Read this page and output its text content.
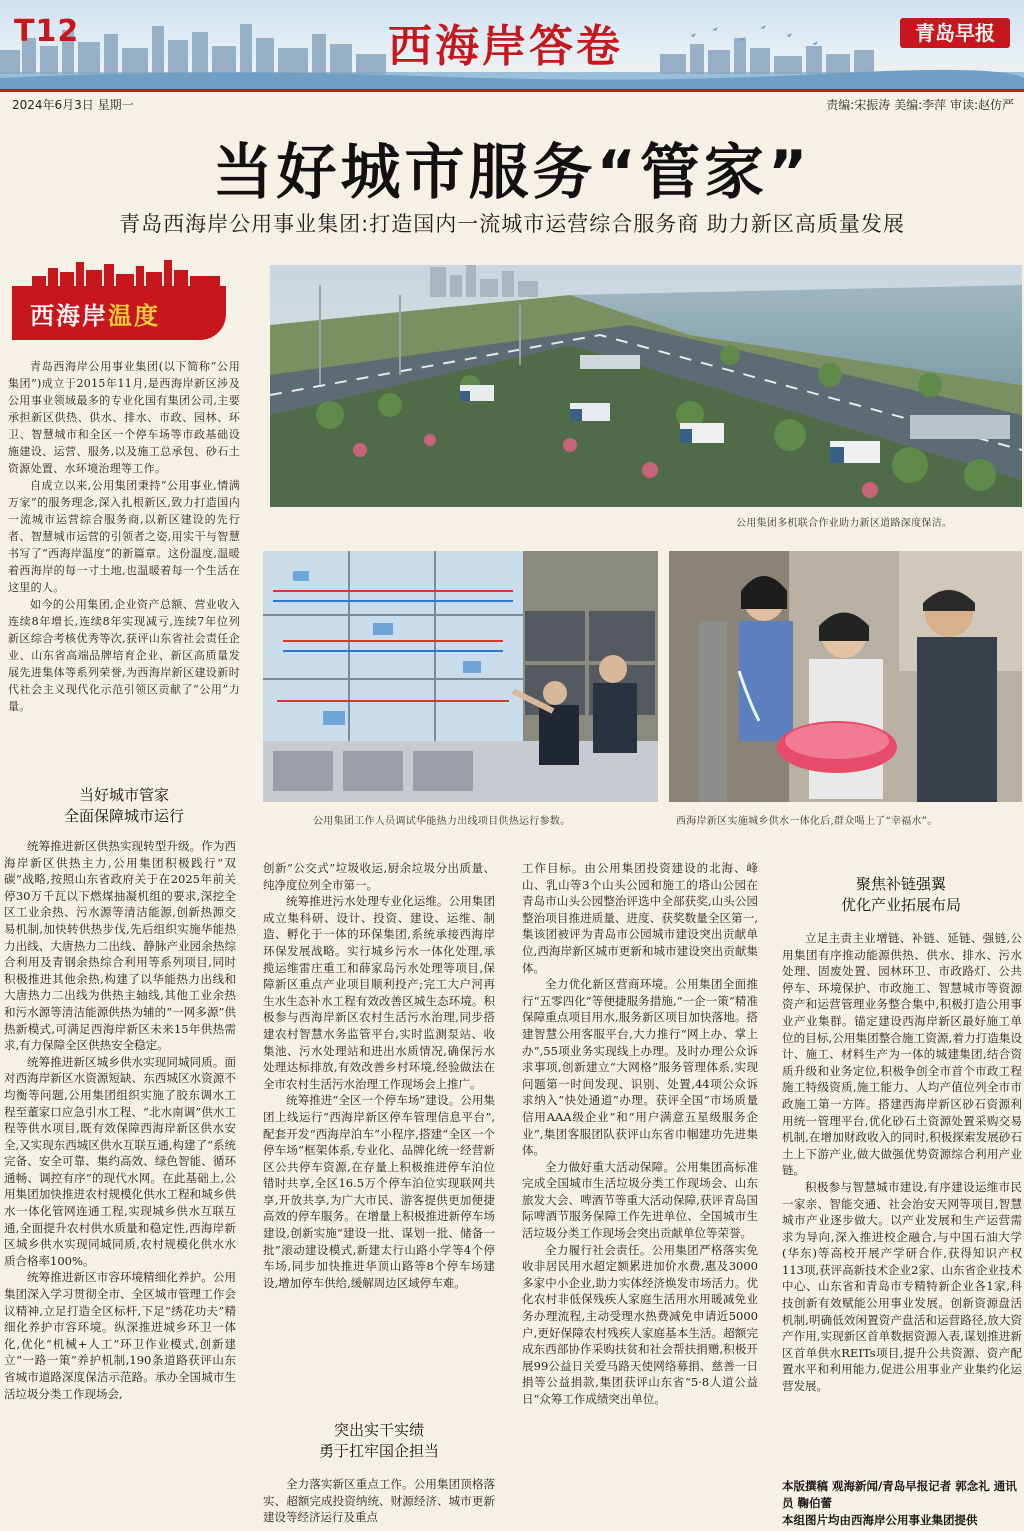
T12	西海岸答卷	青岛早报
2024年6月3日 星期一	责编:宋振涛 美编:李萍 审读:赵仿严
当好城市服务“管家”
青岛西海岸公用事业集团:打造国内一流城市运营综合服务商 助力新区高质量发展
西海岸温度

青岛西海岸公用事业集团(以下简称“公用集团”)成立于2015年11月,是西海岸新区涉及公用事业领域最多的专业化国有集团公司,主要承担新区供热、供水、排水、市政、园林、环卫、智慧城市和全区一个停车场等市政基础设施建设、运营、服务,以及施工总承包、砂石土资源处置、水环境治理等工作。

自成立以来,公用集团秉持“公用事业,情满万家”的服务理念,深入扎根新区,致力打造国内一流城市运营综合服务商,以新区建设的先行者、智慧城市运营的引领者之姿,用实干与智慧书写了“西海岸温度”的新篇章。这份温度,温暖着西海岸的每一寸土地,也温暖着每一个生活在这里的人。

如今的公用集团,企业资产总额、营业收入连续8年增长,连续8年实现减亏,连续7年位列新区综合考核优秀等次,获评山东省社会责任企业、山东省高端品牌培育企业、新区高质量发展先进集体等系列荣誉,为西海岸新区建设新时代社会主义现代化示范引领区贡献了“公用”力量。

公用集团多机联合作业助力新区道路深度保洁。
公用集团工作人员调试华能热力出线项目供热运行参数。	西海岸新区实施城乡供水一体化后,群众喝上了“幸福水”。
当好城市管家
全面保障城市运行

统筹推进新区供热实现转型升级。作为西海岸新区供热主力,公用集团积极践行“双碳”战略,按照山东省政府关于在2025年前关停30万千瓦以下燃煤抽凝机组的要求,深挖全区工业余热、污水源等清洁能源,创新热源交易机制,加快转供热步伐,先后组织实施华能热力出线、大唐热力二出线、静脉产业园余热综合利用及青钢余热综合利用等系列项目,同时积极推进其他余热,构建了以华能热力出线和大唐热力二出线为供热主轴线,其他工业余热和污水源等清洁能源供热为辅的“一网多源”供热新模式,可满足西海岸新区未来15年供热需求,有力保障全区供热安全稳定。

统筹推进新区城乡供水实现同城同质。面对西海岸新区水资源短缺、东西城区水资源不均衡等问题,公用集团组织实施了胶东调水工程至董家口应急引水工程、“北水南调”供水工程等供水项目,既有效保障西海岸新区供水安全,又实现东西城区供水互联互通,构建了“系统完备、安全可靠、集约高效、绿色智能、循环通畅、调控有序”的现代水网。在此基础上,公用集团加快推进农村规模化供水工程和城乡供水一体化管网连通工程,实现城乡供水互联互通,全面提升农村供水质量和稳定性,西海岸新区城乡供水实现同城同质,农村规模化供水水质合格率100%。

统筹推进新区市容环境精细化养护。公用集团深入学习贯彻全市、全区城市管理工作会议精神,立足打造全区标杆,下足“绣花功夫”精细化养护市容环境。纵深推进城乡环卫一体化,优化“机械+人工”环卫作业模式,创新建立“一路一策”养护机制,190条道路获评山东省城市道路深度保洁示范路。承办全国城市生活垃圾分类工作现场会,

创新“公交式”垃圾收运,厨余垃圾分出质量、纯净度位列全市第一。

统筹推进污水处理专业化运维。公用集团成立集科研、设计、投资、建设、运维、制造、孵化于一体的环保集团,系统承接西海岸环保发展战略。实行城乡污水一体化处理,承揽运维雷庄重工和薛家岛污水处理等项目,保障新区重点产业项目顺利投产;完工大户河再生水生态补水工程有效改善区城生态环境。积极参与西海岸新区农村生活污水治理,同步搭建农村智慧水务监管平台,实时监测泵站、收集池、污水处理站和进出水质情况,确保污水处理达标排放,有效改善乡村环境,经验做法在全市农村生活污水治理工作现场会上推广。

统筹推进“全区一个停车场”建设。公用集团上线运行“西海岸新区停车管理信息平台”,配套开发“西海岸泊车”小程序,搭建“全区一个停车场”框架体系,专业化、品牌化统一经营新区公共停车资源,在存量上积极推进停车泊位错时共享,全区16.5万个停车泊位实现联网共享,开放共享,为广大市民、游客提供更加便捷高效的停车服务。在增量上积极推进新停车场建设,创新实施“建设一批、谋划一批、储备一批”滚动建设模式,新建太行山路小学等4个停车场,同步加快推进华顶山路等8个停车场建设,增加停车供给,缓解周边区域停车难。

突出实干实绩
勇于扛牢国企担当

全力落实新区重点工作。公用集团顶格落实、超额完成投资纳统、财源经济、城市更新建设等经济运行及重点

工作目标。由公用集团投资建设的北海、峰山、乳山等3个山头公园和施工的塔山公园在青岛市山头公园整治评选中全部获奖,山头公园整治项目推进质量、进度、获奖数量全区第一,集该团被评为青岛市公园城市建设突出贡献单位,西海岸新区城市更新和城市建设突出贡献集体。

全力优化新区营商环境。公用集团全面推行“五零四化”等便捷服务措施,“一企一策”精准保障重点项目用水,服务新区项目加快落地。搭建智慧公用客服平台,大力推行“网上办、掌上办”,55项业务实现线上办理。及时办理公众诉求事项,创新建立“大网格”服务管理体系,实现问题第一时间发现、识别、处置,44项公众诉求纳入“快处通道”办理。获评全国“市场质量信用AAA级企业”和“用户满意五星级服务企业”,集团客服团队获评山东省巾帼建功先进集体。

全力做好重大活动保障。公用集团高标准完成全国城市生活垃圾分类工作现场会、山东旅发大会、啤酒节等重大活动保障,获评青岛国际啤酒节服务保障工作先进单位、全国城市生活垃圾分类工作现场会突出贡献单位等荣誉。

全力履行社会责任。公用集团严格落实免收非居民用水超定额累进加价水费,惠及3000多家中小企业,助力实体经济焕发市场活力。优化农村非低保残疾人家庭生活用水用暖减免业务办理流程,主动受理水热费减免申请近5000户,更好保障农村残疾人家庭基本生活。超额完成东西部协作采购扶贫和社会帮扶捐赠,积极开展99公益日关爱马路天使网络募捐、慈善一日捐等公益捐款,集团获评山东省“5·8人道公益日”众筹工作成绩突出单位。

聚焦补链强翼
优化产业拓展布局

立足主责主业增链、补链、延链、强链,公用集团有序推动能源供热、供水、排水、污水处理、固废处置、园林环卫、市政路灯、公共停车、环境保护、市政施工、智慧城市等资源资产和运营管理业务整合集中,积极打造公用事业产业集群。锚定建设西海岸新区最好施工单位的目标,公用集团整合施工资源,着力打造集设计、施工、材料生产为一体的城建集团,结合资质升级和业务定位,积极争创全市首个市政工程施工特级资质,施工能力、人均产值位列全市市政施工第一方阵。搭建西海岸新区砂石资源利用统一管理平台,优化砂石土资源处置采购交易机制,在增加财政收入的同时,积极探索发展砂石土上下游产业,做大做强优势资源综合利用产业链。

积极参与智慧城市建设,有序建设运维市民一家亲、智能交通、社会治安天网等项目,智慧城市产业逐步做大。以产业发展和生产运营需求为导向,深入推进校企融合,与中国石油大学(华东)等高校开展产学研合作,获得知识产权113项,获评高新技术企业2家、山东省企业技术中心、山东省和青岛市专精特新企业各1家,科技创新有效赋能公用事业发展。创新资源盘活机制,明确低效闲置资产盘活和运营路径,放大资产作用,实现新区首单数据资源入表,谋划推进新区首单供水REITs项目,提升公共资源、资产配置水平和利用能力,促进公用事业产业集约化运营发展。

本版撰稿 观海新闻/青岛早报记者 郭念礼 通讯员 鞠伯蕾
本组图片均由西海岸公用事业集团提供
